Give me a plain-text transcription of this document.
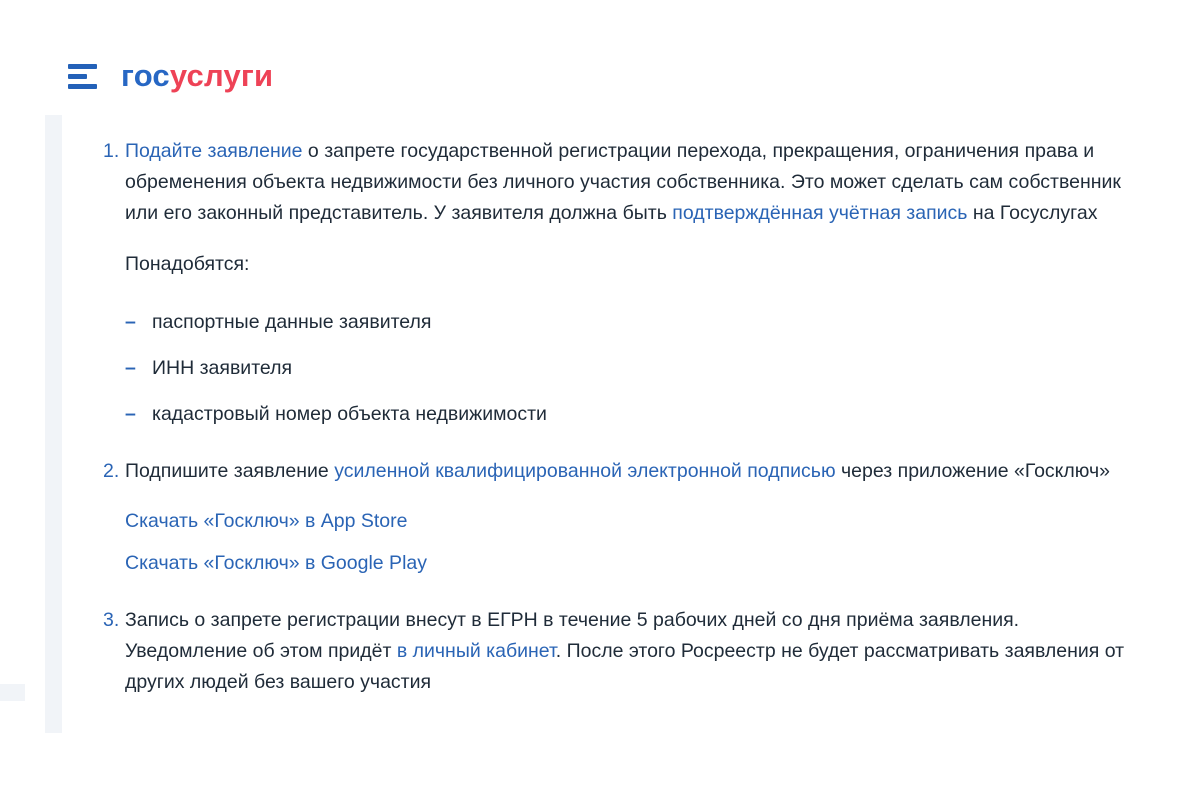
госуслуги
1. Подайте заявление о запрете государственной регистрации перехода, прекращения, ограничения права и обременения объекта недвижимости без личного участия собственника. Это может сделать сам собственник или его законный представитель. У заявителя должна быть подтверждённая учётная запись на Госуслугах

Понадобятся:

– паспортные данные заявителя
– ИНН заявителя
– кадастровый номер объекта недвижимости
2. Подпишите заявление усиленной квалифицированной электронной подписью через приложение «Госключ»

Скачать «Госключ» в App Store
Скачать «Госключ» в Google Play
3. Запись о запрете регистрации внесут в ЕГРН в течение 5 рабочих дней со дня приёма заявления. Уведомление об этом придёт в личный кабинет. После этого Росреестр не будет рассматривать заявления от других людей без вашего участия
